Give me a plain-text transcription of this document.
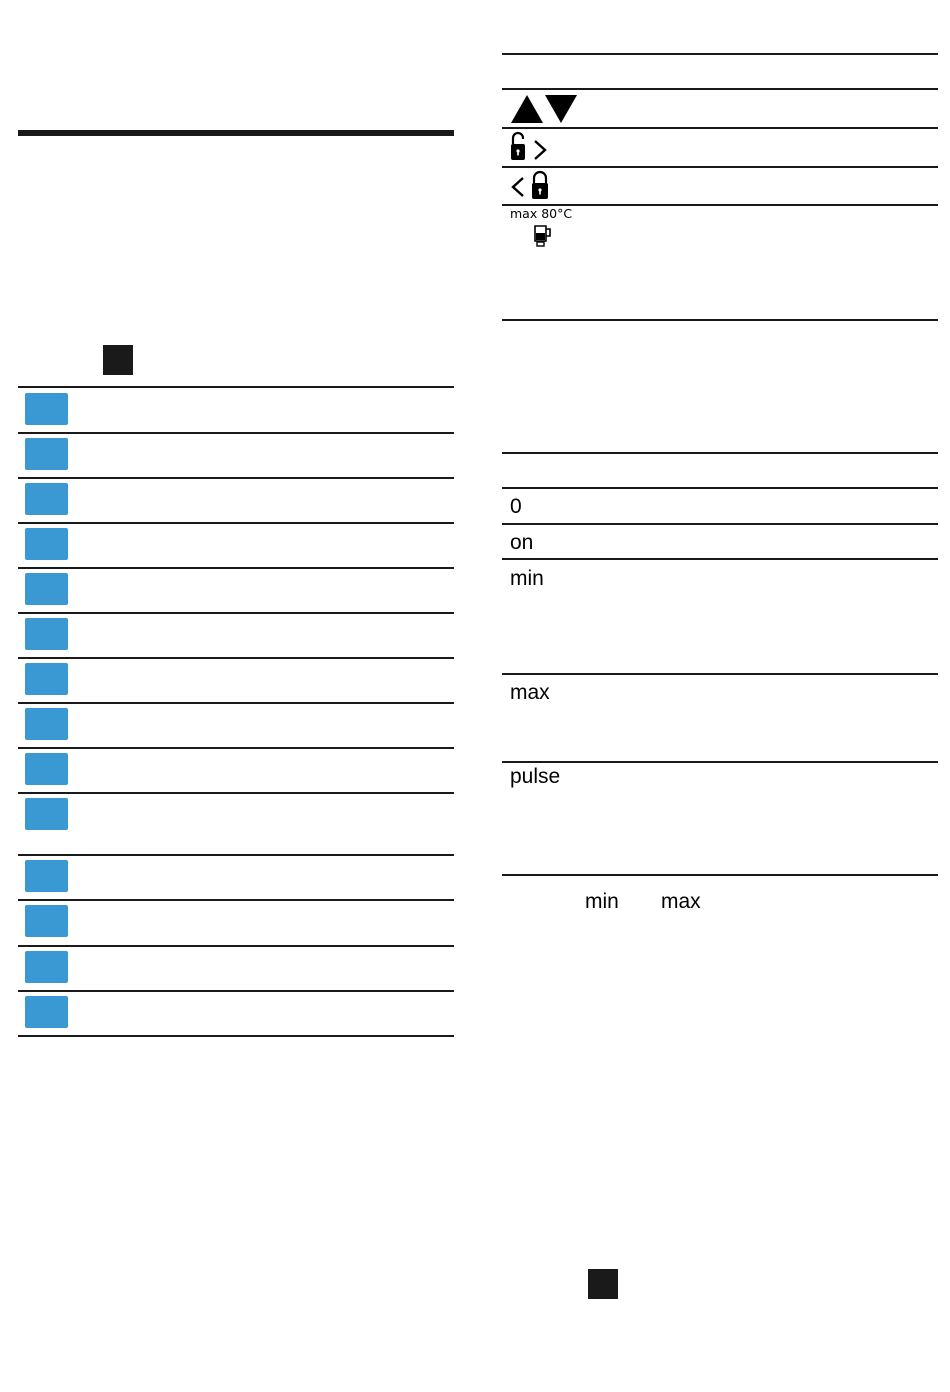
max 80°C
0
on
min
max
pulse
min max
